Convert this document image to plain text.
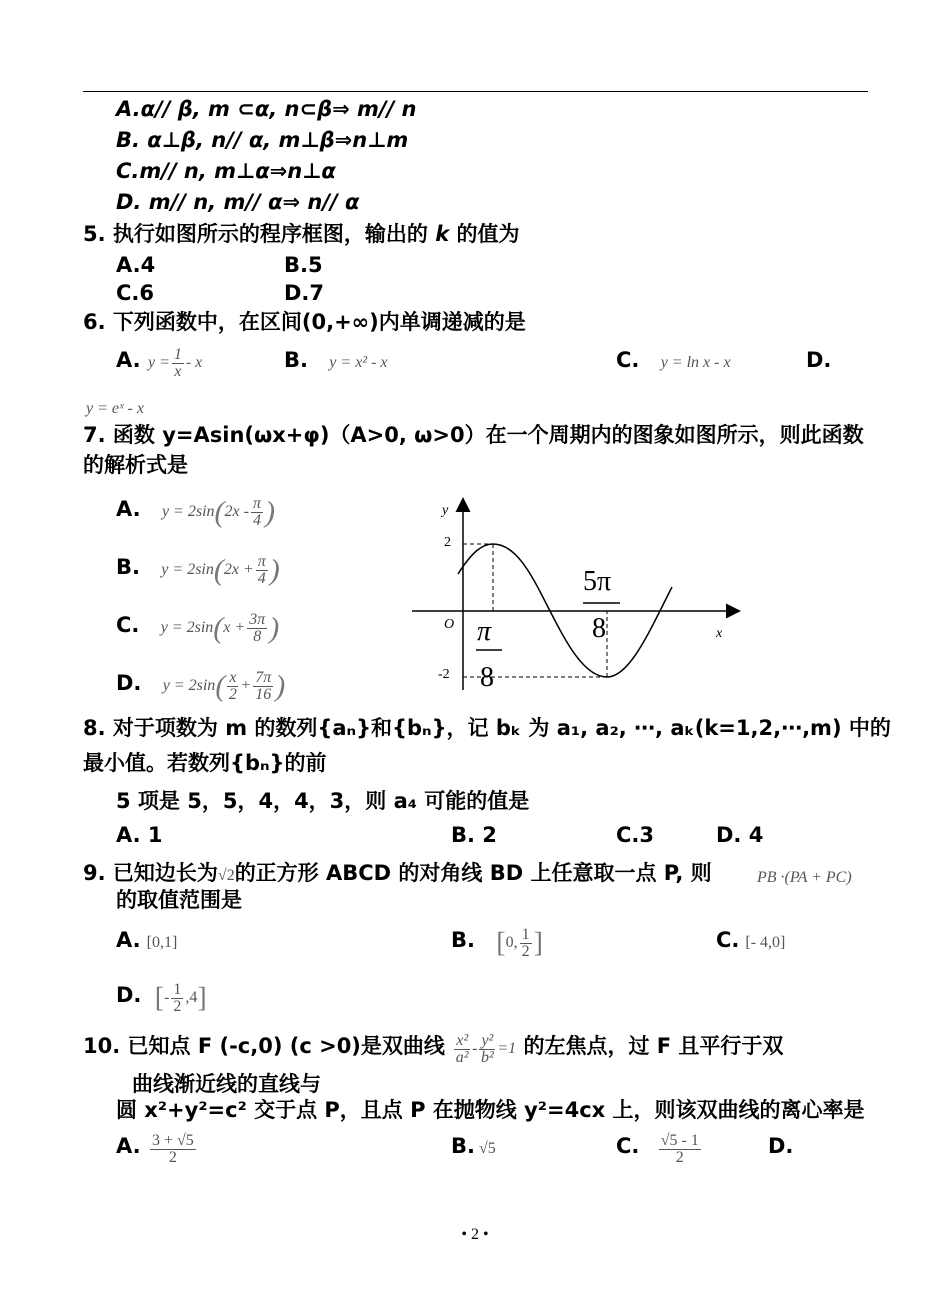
A.α// β, m ⊂α, n⊂β⇒ m// n
B. α⊥β, n// α, m⊥β⇒n⊥m
C.m// n, m⊥α⇒n⊥α
D. m// n, m// α⇒ n// α
5. 执行如图所示的程序框图，输出的 k 的值为
A.4	B.5
C.6	D.7
6. 下列函数中，在区间(0,+∞)内单调递减的是
A. $y = \frac{1}{x} - x$	B. y = x² - x	C. y = ln x - x	D.
y = eˣ - x
7. 函数 y=Asin(ωx+φ)（A>0, ω>0）在一个周期内的图象如图所示，则此函数
的解析式是
A. $y = 2\sin(2x - \frac{\pi}{4}$ )
B. $y = 2\sin(2x + \frac{\pi}{4}$ )
C. $y = 2\sin(x + \frac{3\pi}{8}$ )
D. $y = 2\sin( \frac{x}{2} + \frac{7\pi}{16}$ )
y
x
O
2
-2
π
8
5π
8
8. 对于项数为 m 的数列{aₙ}和{bₙ}，记 bₖ 为 a₁, a₂, ⋯, aₖ(k=1,2,⋯,m) 中的
最小值。若数列{bₙ}的前
5 项是 5，5，4，4，3，则 a₄ 可能的值是
A. 1	B. 2	C.3	D. 4
9. 已知边长为√2的正方形 ABCD 的对角线 BD 上任意取一点 P, 则	PB ·(PA + PC)
的取值范围是
A. [0,1]	B. [0, $\frac{1}{2}$ ]	C. [- 4,0]
D. [- $\frac{1}{2} ,4$]
10. 已知点 F (-c,0) (c >0)是双曲线 $\frac{\text{x²}}{\text{a²}} - \frac{\text{y²}}{\text{b²}} =1$ 的左焦点，过 F 且平行于双
曲线渐近线的直线与
圆 x²+y²=c² 交于点 P，且点 P 在抛物线 y²=4cx 上，则该双曲线的离心率是
A. $\frac{3 + √5}{2}$	B. √5	C. $\frac{√5 - 1}{2}$	D.
• 2 •
